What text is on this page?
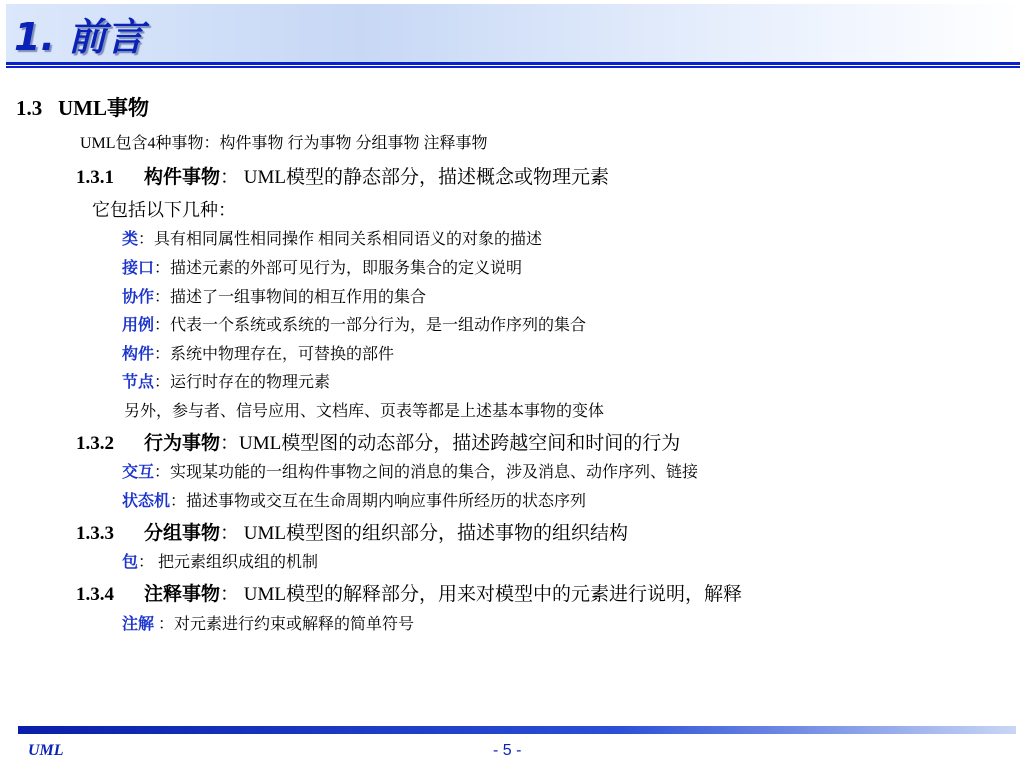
1. 前言
1.3 UML事物
UML包含4种事物：构件事物 行为事物 分组事物 注释事物
1.3.1 构件事物： UML模型的静态部分，描述概念或物理元素
它包括以下几种：
类：具有相同属性相同操作 相同关系相同语义的对象的描述
接口：描述元素的外部可见行为，即服务集合的定义说明
协作：描述了一组事物间的相互作用的集合
用例：代表一个系统或系统的一部分行为，是一组动作序列的集合
构件：系统中物理存在，可替换的部件
节点：运行时存在的物理元素
另外，参与者、信号应用、文档库、页表等都是上述基本事物的变体
1.3.2 行为事物：UML模型图的动态部分，描述跨越空间和时间的行为
交互：实现某功能的一组构件事物之间的消息的集合，涉及消息、动作序列、链接
状态机：描述事物或交互在生命周期内响应事件所经历的状态序列
1.3.3 分组事物： UML模型图的组织部分，描述事物的组织结构
包： 把元素组织成组的机制
1.3.4 注释事物： UML模型的解释部分，用来对模型中的元素进行说明，解释
注解 ：对元素进行约束或解释的简单符号
UML	- 5 -
